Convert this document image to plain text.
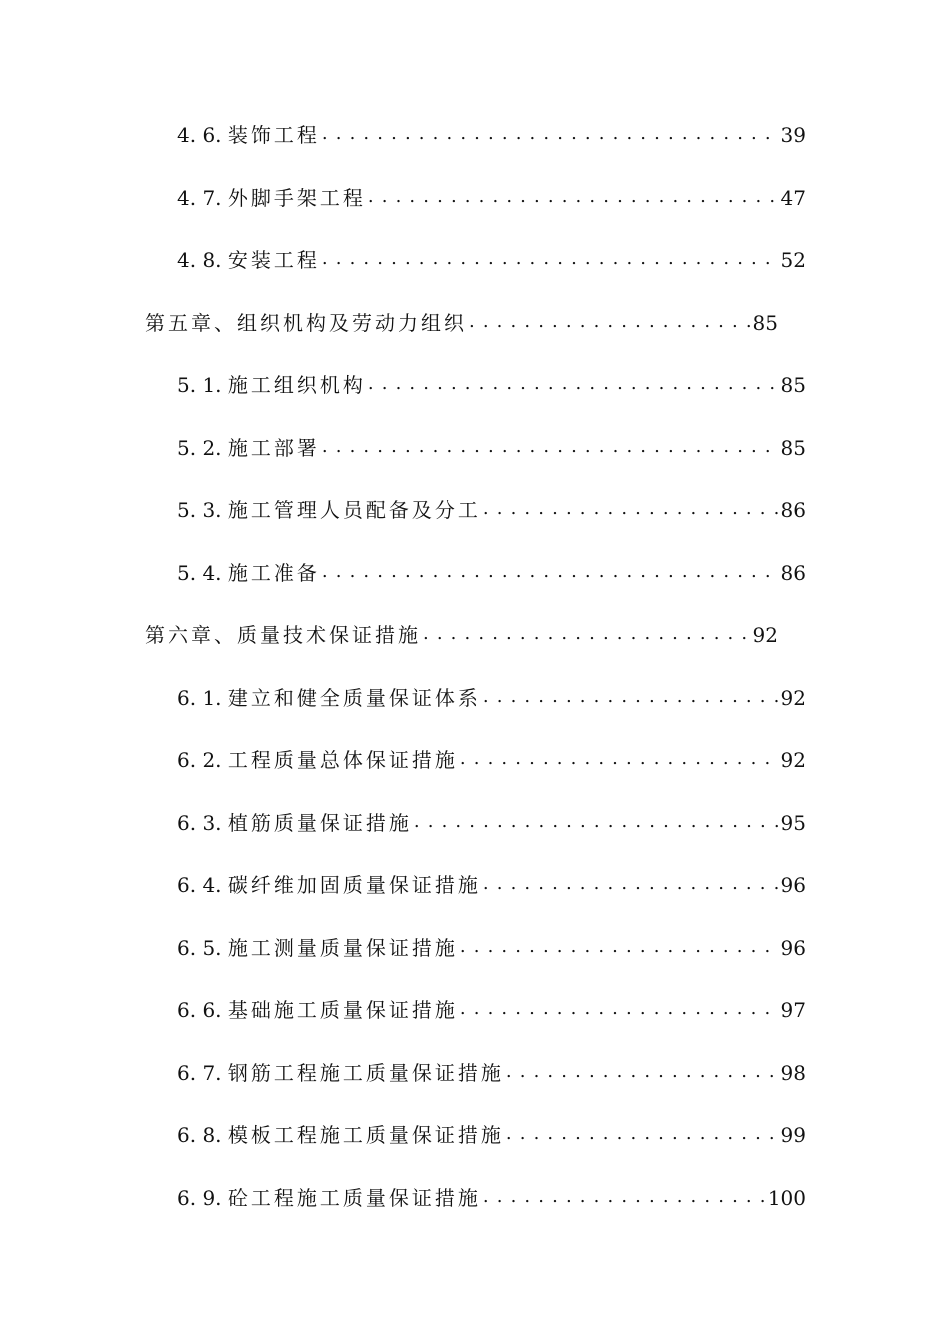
4. 6. 装饰工程 . . .	39
4. 7. 外脚手架工程 . . .	47
4. 8. 安装工程 . . .	52
第五章、组织机构及劳动力组织 . . .	85
5. 1. 施工组织机构 . . .	85
5. 2. 施工部署 . . .	85
5. 3. 施工管理人员配备及分工 . . .	86
5. 4. 施工准备 . . .	86
第六章、质量技术保证措施 . . .	92
6. 1. 建立和健全质量保证体系 . . .	92
6. 2. 工程质量总体保证措施 . . .	92
6. 3. 植筋质量保证措施 . . .	95
6. 4. 碳纤维加固质量保证措施 . . .	96
6. 5. 施工测量质量保证措施 . . .	96
6. 6. 基础施工质量保证措施 . . .	97
6. 7. 钢筋工程施工质量保证措施 . . .	98
6. 8. 模板工程施工质量保证措施 . . .	99
6. 9. 砼工程施工质量保证措施 . . .	100
